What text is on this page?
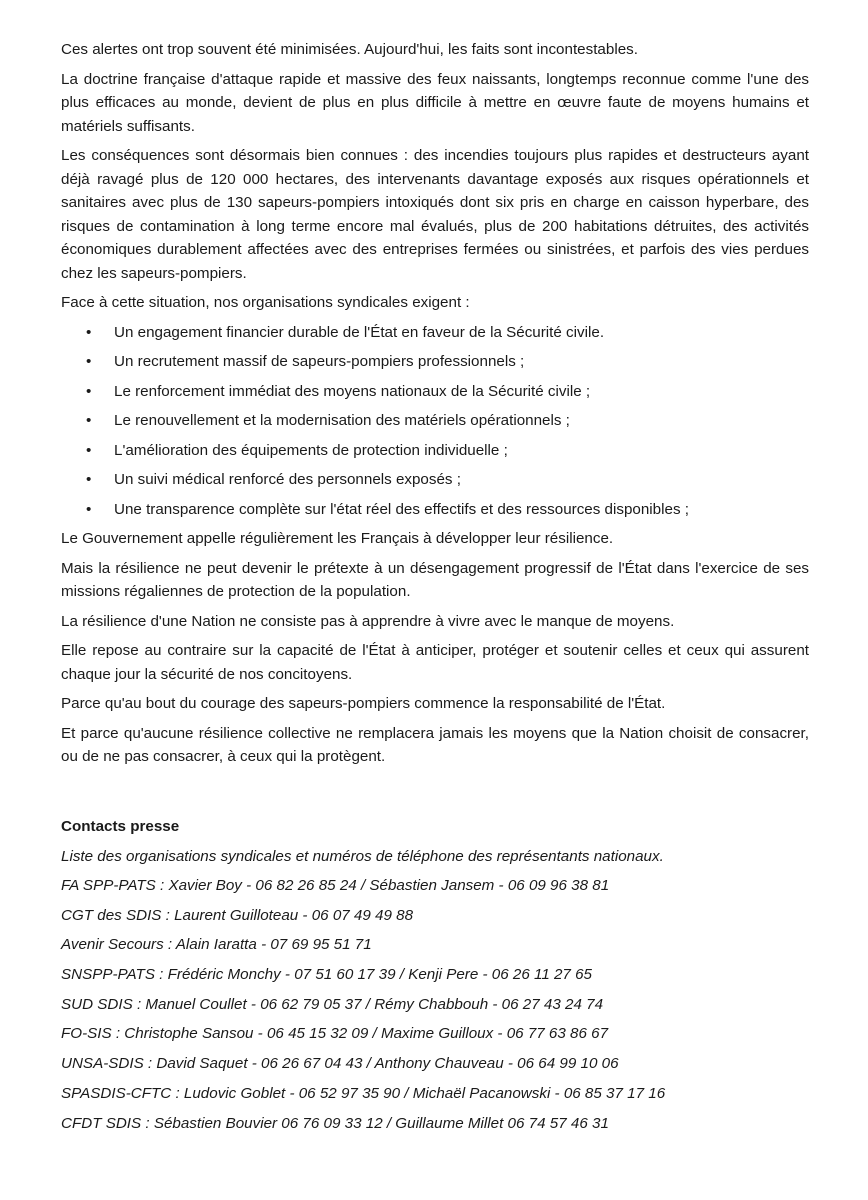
Ces alertes ont trop souvent été minimisées. Aujourd'hui, les faits sont incontestables.

La doctrine française d'attaque rapide et massive des feux naissants, longtemps reconnue comme l'une des plus efficaces au monde, devient de plus en plus difficile à mettre en œuvre faute de moyens humains et matériels suffisants.

Les conséquences sont désormais bien connues : des incendies toujours plus rapides et destructeurs ayant déjà ravagé plus de 120 000 hectares, des intervenants davantage exposés aux risques opérationnels et sanitaires avec plus de 130 sapeurs-pompiers intoxiqués dont six pris en charge en caisson hyperbare, des risques de contamination à long terme encore mal évalués, plus de 200 habitations détruites, des activités économiques durablement affectées avec des entreprises fermées ou sinistrées, et parfois des vies perdues chez les sapeurs-pompiers.

Face à cette situation, nos organisations syndicales exigent :

• Un engagement financier durable de l'État en faveur de la Sécurité civile.
• Un recrutement massif de sapeurs-pompiers professionnels ;
• Le renforcement immédiat des moyens nationaux de la Sécurité civile ;
• Le renouvellement et la modernisation des matériels opérationnels ;
• L'amélioration des équipements de protection individuelle ;
• Un suivi médical renforcé des personnels exposés ;
• Une transparence complète sur l'état réel des effectifs et des ressources disponibles ;

Le Gouvernement appelle régulièrement les Français à développer leur résilience.

Mais la résilience ne peut devenir le prétexte à un désengagement progressif de l'État dans l'exercice de ses missions régaliennes de protection de la population.

La résilience d'une Nation ne consiste pas à apprendre à vivre avec le manque de moyens.

Elle repose au contraire sur la capacité de l'État à anticiper, protéger et soutenir celles et ceux qui assurent chaque jour la sécurité de nos concitoyens.

Parce qu'au bout du courage des sapeurs-pompiers commence la responsabilité de l'État.

Et parce qu'aucune résilience collective ne remplacera jamais les moyens que la Nation choisit de consacrer, ou de ne pas consacrer, à ceux qui la protègent.

Contacts presse

Liste des organisations syndicales et numéros de téléphone des représentants nationaux.

FA SPP-PATS : Xavier Boy - 06 82 26 85 24 / Sébastien Jansem - 06 09 96 38 81
CGT des SDIS : Laurent Guilloteau - 06 07 49 49 88
Avenir Secours : Alain Iaratta - 07 69 95 51 71
SNSPP-PATS : Frédéric Monchy - 07 51 60 17 39 / Kenji Pere - 06 26 11 27 65
SUD SDIS : Manuel Coullet - 06 62 79 05 37 / Rémy Chabbouh - 06 27 43 24 74
FO-SIS : Christophe Sansou - 06 45 15 32 09 / Maxime Guilloux - 06 77 63 86 67
UNSA-SDIS : David Saquet - 06 26 67 04 43 / Anthony Chauveau - 06 64 99 10 06
SPASDIS-CFTC : Ludovic Goblet - 06 52 97 35 90 / Michaël Pacanowski - 06 85 37 17 16
CFDT SDIS : Sébastien Bouvier 06 76 09 33 12 / Guillaume Millet 06 74 57 46 31
